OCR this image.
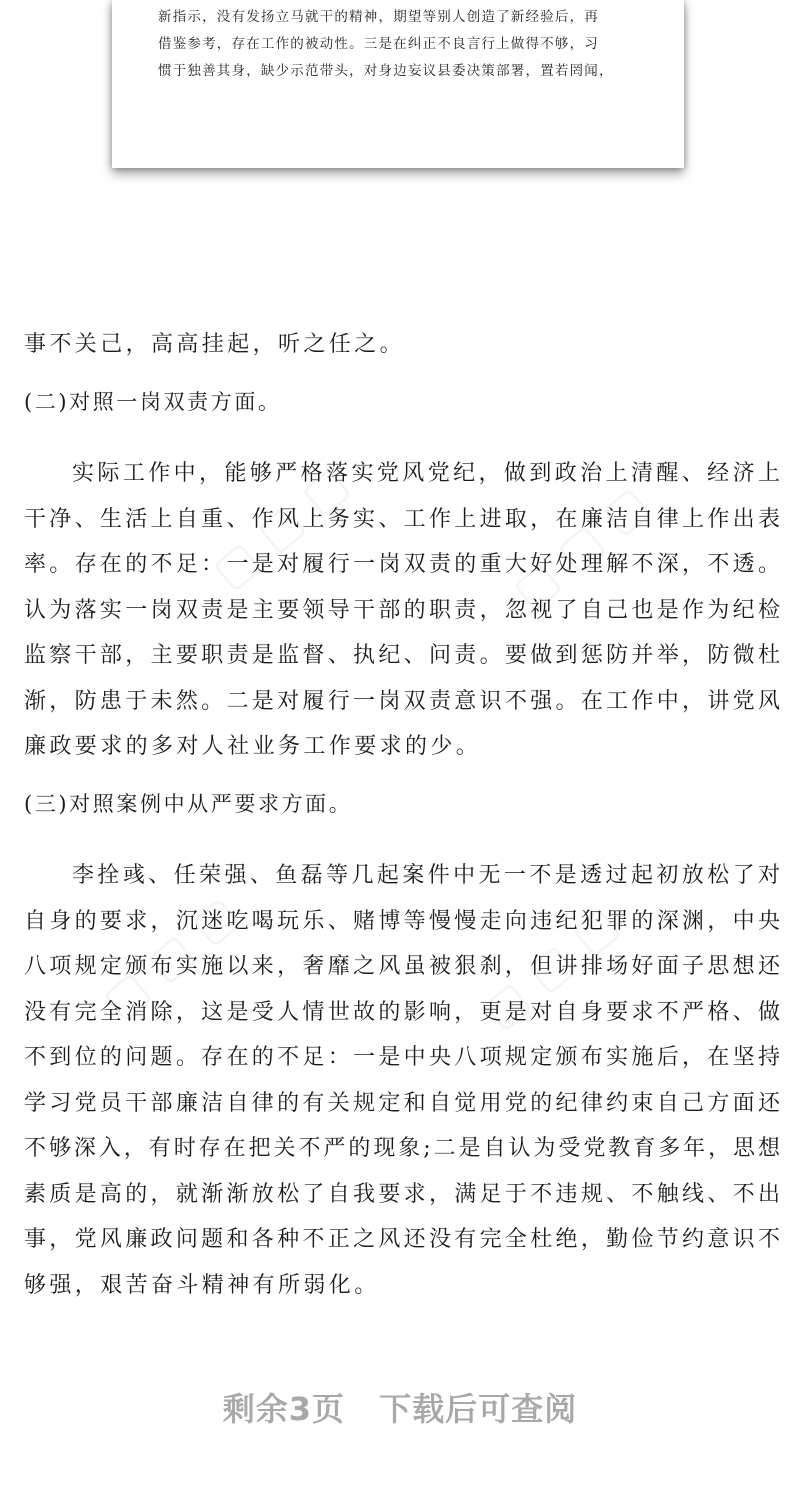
新指示，没有发扬立马就干的精神，期望等别人创造了新经验后，再
借鉴参考，存在工作的被动性。三是在纠正不良言行上做得不够，习
惯于独善其身，缺少示范带头，对身边妄议县委决策部署，置若罔闻，
▢ ▢ ▢	▢ ▢ ▢
▢ ▢ ▢	▢ ▢ ▢
事不关己，高高挂起，听之任之。
(二)对照一岗双责方面。
实际工作中，能够严格落实党风党纪，做到政治上清醒、经济上
干净、生活上自重、作风上务实、工作上进取，在廉洁自律上作出表
率。存在的不足：一是对履行一岗双责的重大好处理解不深，不透。
认为落实一岗双责是主要领导干部的职责，忽视了自己也是作为纪检
监察干部，主要职责是监督、执纪、问责。要做到惩防并举，防微杜
渐，防患于未然。二是对履行一岗双责意识不强。在工作中，讲党风
廉政要求的多对人社业务工作要求的少。
(三)对照案例中从严要求方面。
李拴彧、任荣强、鱼磊等几起案件中无一不是透过起初放松了对
自身的要求，沉迷吃喝玩乐、赌博等慢慢走向违纪犯罪的深渊，中央
八项规定颁布实施以来，奢靡之风虽被狠刹，但讲排场好面子思想还
没有完全消除，这是受人情世故的影响，更是对自身要求不严格、做
不到位的问题。存在的不足：一是中央八项规定颁布实施后，在坚持
学习党员干部廉洁自律的有关规定和自觉用党的纪律约束自己方面还
不够深入，有时存在把关不严的现象;二是自认为受党教育多年，思想
素质是高的，就渐渐放松了自我要求，满足于不违规、不触线、不出
事，党风廉政问题和各种不正之风还没有完全杜绝，勤俭节约意识不
够强，艰苦奋斗精神有所弱化。
剩余3页 下载后可查阅
